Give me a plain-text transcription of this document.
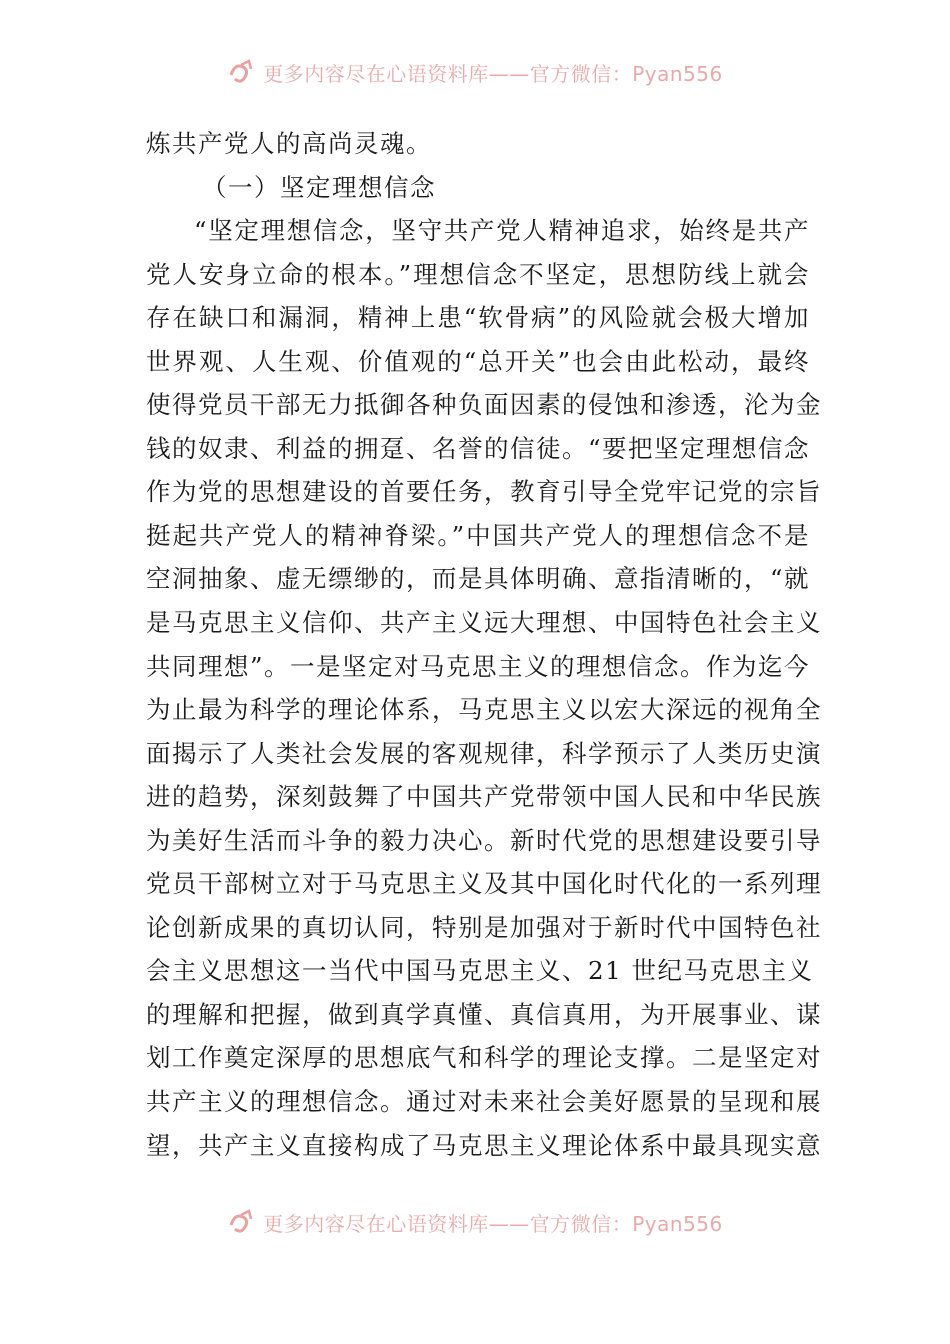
更多内容尽在心语资料库——官方微信：Pyan556
炼共产党人的高尚灵魂。
（一）坚定理想信念
“坚定理想信念，坚守共产党人精神追求，始终是共产
党人安身立命的根本。”理想信念不坚定，思想防线上就会
存在缺口和漏洞，精神上患“软骨病”的风险就会极大增加
世界观、人生观、价值观的“总开关”也会由此松动，最终
使得党员干部无力抵御各种负面因素的侵蚀和渗透，沦为金
钱的奴隶、利益的拥趸、名誉的信徒。“要把坚定理想信念
作为党的思想建设的首要任务，教育引导全党牢记党的宗旨
挺起共产党人的精神脊梁。”中国共产党人的理想信念不是
空洞抽象、虚无缥缈的，而是具体明确、意指清晰的，“就
是马克思主义信仰、共产主义远大理想、中国特色社会主义
共同理想”。一是坚定对马克思主义的理想信念。作为迄今
为止最为科学的理论体系，马克思主义以宏大深远的视角全
面揭示了人类社会发展的客观规律，科学预示了人类历史演
进的趋势，深刻鼓舞了中国共产党带领中国人民和中华民族
为美好生活而斗争的毅力决心。新时代党的思想建设要引导
党员干部树立对于马克思主义及其中国化时代化的一系列理
论创新成果的真切认同，特别是加强对于新时代中国特色社
会主义思想这一当代中国马克思主义、21 世纪马克思主义
的理解和把握，做到真学真懂、真信真用，为开展事业、谋
划工作奠定深厚的思想底气和科学的理论支撑。二是坚定对
共产主义的理想信念。通过对未来社会美好愿景的呈现和展
望，共产主义直接构成了马克思主义理论体系中最具现实意
更多内容尽在心语资料库——官方微信：Pyan556
